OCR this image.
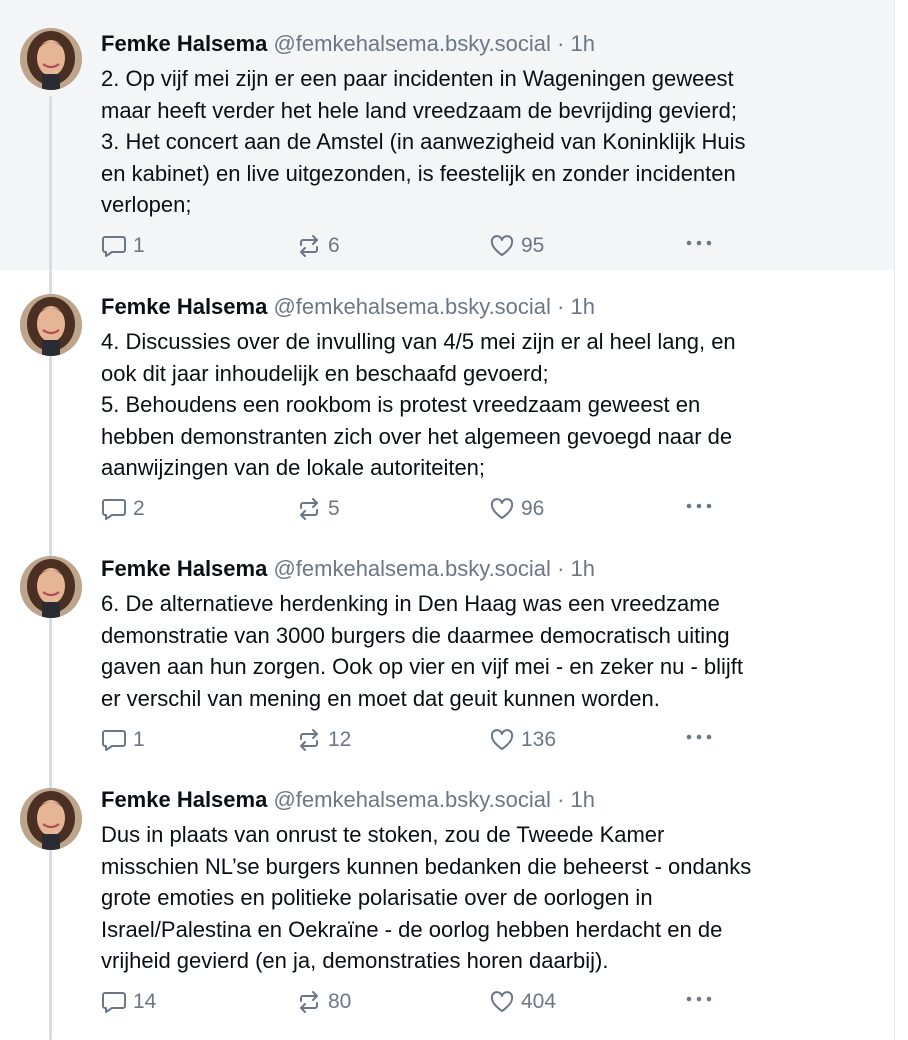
Femke Halsema @femkehalsema.bsky.social · 1h
2. Op vijf mei zijn er een paar incidenten in Wageningen geweest
maar heeft verder het hele land vreedzaam de bevrijding gevierd;
3. Het concert aan de Amstel (in aanwezigheid van Koninklijk Huis
en kabinet) en live uitgezonden, is feestelijk en zonder incidenten
verlopen;
1	6	95
Femke Halsema @femkehalsema.bsky.social · 1h
4. Discussies over de invulling van 4/5 mei zijn er al heel lang, en
ook dit jaar inhoudelijk en beschaafd gevoerd;
5. Behoudens een rookbom is protest vreedzaam geweest en
hebben demonstranten zich over het algemeen gevoegd naar de
aanwijzingen van de lokale autoriteiten;
2	5	96
Femke Halsema @femkehalsema.bsky.social · 1h
6. De alternatieve herdenking in Den Haag was een vreedzame
demonstratie van 3000 burgers die daarmee democratisch uiting
gaven aan hun zorgen. Ook op vier en vijf mei - en zeker nu - blijft
er verschil van mening en moet dat geuit kunnen worden.
1	12	136
Femke Halsema @femkehalsema.bsky.social · 1h
Dus in plaats van onrust te stoken, zou de Tweede Kamer
misschien NL’se burgers kunnen bedanken die beheerst - ondanks
grote emoties en politieke polarisatie over de oorlogen in
Israel/Palestina en Oekraïne - de oorlog hebben herdacht en de
vrijheid gevierd (en ja, demonstraties horen daarbij).
14	80	404
